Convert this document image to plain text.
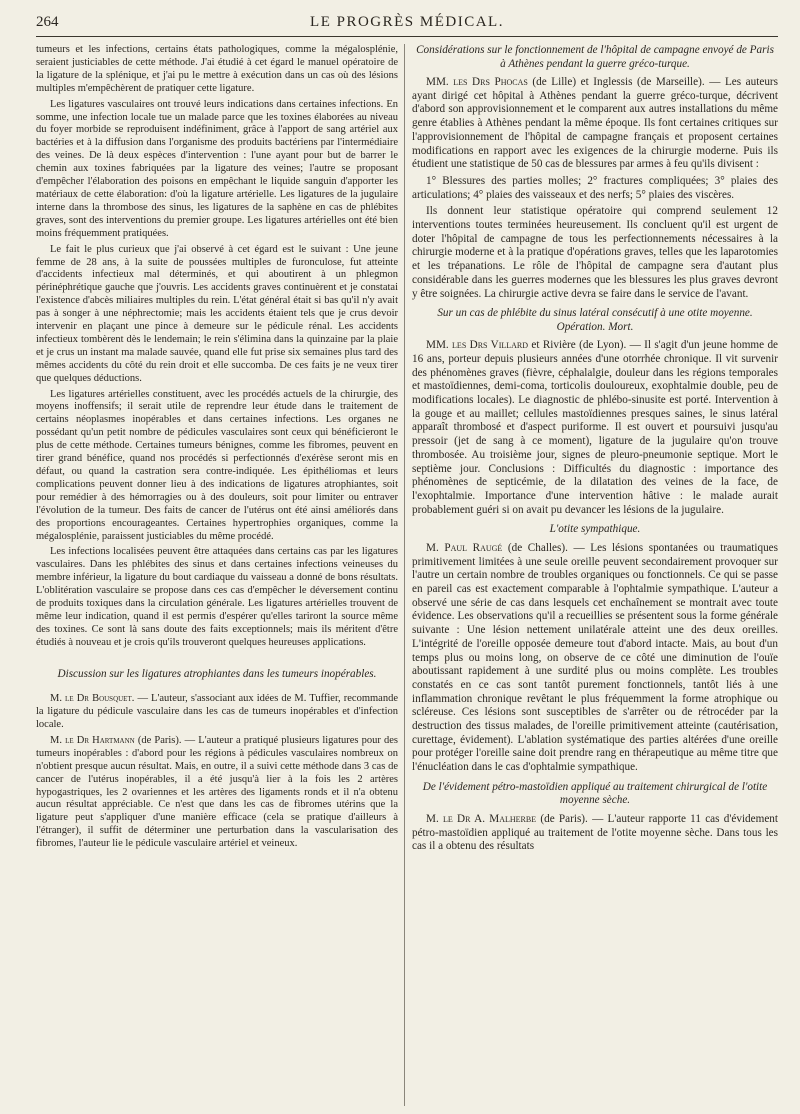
264	LE PROGRÈS MÉDICAL.

tumeurs et les infections, certains états pathologiques, comme la mégalosplénie, seraient justiciables de cette méthode. J'ai étudié à cet égard le manuel opératoire de la ligature de la splénique, et j'ai pu le mettre à exécution dans un cas où des lésions multiples m'empêchèrent de pratiquer cette ligature.

Les ligatures vasculaires ont trouvé leurs indications dans certaines infections. En somme, une infection locale tue un malade parce que les toxines élaborées au niveau du foyer morbide se reproduisent indéfiniment, grâce à l'apport de sang artériel aux bactéries et à la diffusion dans l'organisme des produits bactériens par l'intermédiaire des veines. De là deux espèces d'intervention : l'une ayant pour but de barrer le chemin aux toxines fabriquées par la ligature des veines; l'autre se proposant d'empêcher l'élaboration des poisons en empêchant le liquide sanguin d'apporter les matériaux de cette élaboration: d'où la ligature artérielle. Les ligatures de la jugulaire interne dans la thrombose des sinus, les ligatures de la saphène en cas de phlébites graves, sont des interventions du premier groupe. Les ligatures artérielles ont été bien moins fréquemment pratiquées.

Le fait le plus curieux que j'ai observé à cet égard est le suivant : Une jeune femme de 28 ans, à la suite de poussées multiples de furonculose, fut atteinte d'accidents infectieux mal déterminés, et qui aboutirent à un phlegmon périnéphrétique gauche que j'ouvris. Les accidents graves continuèrent et je constatai l'existence d'abcès miliaires multiples du rein. L'état général était si bas qu'il n'y avait pas à songer à une néphrectomie; mais les accidents étaient tels que je crus devoir intervenir en plaçant une pince à demeure sur le pédicule rénal. Les accidents infectieux tombèrent dès le lendemain; le rein s'élimina dans la quinzaine par la plaie et je crus un instant ma malade sauvée, quand elle fut prise six semaines plus tard des mêmes accidents du côté du rein droit et elle succomba. De ces faits je ne veux tirer que quelques déductions.

Les ligatures artérielles constituent, avec les procédés actuels de la chirurgie, des moyens inoffensifs; il serait utile de reprendre leur étude dans le traitement de certains néoplasmes inopérables et dans certaines infections. Les organes ne possédant qu'un petit nombre de pédicules vasculaires sont ceux qui bénéficieront le plus de cette méthode. Certaines tumeurs bénignes, comme les fibromes, peuvent en tirer grand bénéfice, quand nos procédés si perfectionnés d'exérèse seront mis en défaut, ou quand la castration sera contre-indiquée. Les épithéliomas et leurs complications peuvent donner lieu à des indications de ligatures atrophiantes, soit pour remédier à des hémorragies ou à des douleurs, soit pour limiter ou entraver l'évolution de la tumeur. Des faits de cancer de l'utérus ont été ainsi améliorés dans des proportions encourageantes. Certaines hypertrophies organiques, comme la mégalosplénie, paraissent justiciables du même procédé.

Les infections localisées peuvent être attaquées dans certains cas par les ligatures vasculaires. Dans les phlébites des sinus et dans certaines infections veineuses du membre inférieur, la ligature du bout cardiaque du vaisseau a donné de bons résultats. L'oblitération vasculaire se propose dans ces cas d'empêcher le déversement continu de produits toxiques dans la circulation générale. Les ligatures artérielles trouvent de même leur indication, quand il est permis d'espérer qu'elles tariront la source même des toxines. Ce sont là sans doute des faits exceptionnels; mais ils méritent d'être étudiés à nouveau et je crois qu'ils trouveront quelques heureuses applications.

Discussion sur les ligatures atrophiantes dans les tumeurs inopérables.

M. le Dr Bousquet. — L'auteur, s'associant aux idées de M. Tuffier, recommande la ligature du pédicule vasculaire dans les cas de tumeurs inopérables et d'infection locale.

M. le Dr Hartmann (de Paris). — L'auteur a pratiqué plusieurs ligatures pour des tumeurs inopérables : d'abord pour les régions à pédicules vasculaires nombreux on n'obtient presque aucun résultat. Mais, en outre, il a suivi cette méthode dans 3 cas de cancer de l'utérus inopérables, il a été jusqu'à lier à la fois les 2 artères hypogastriques, les 2 ovariennes et les artères des ligaments ronds et il n'a obtenu aucun résultat appréciable. Ce n'est que dans les cas de fibromes utérins que la ligature peut s'appliquer d'une manière efficace (cela se pratique d'ailleurs à l'étranger), il suffit de déterminer une perturbation dans la vascularisation des fibromes, l'auteur lie le pédicule vasculaire artériel et veineux.

Considérations sur le fonctionnement de l'hôpital de campagne envoyé de Paris à Athènes pendant la guerre gréco-turque.

MM. les Drs Phocas (de Lille) et Inglessis (de Marseille). — Les auteurs ayant dirigé cet hôpital à Athènes pendant la guerre gréco-turque, décrivent d'abord son approvisionnement et le comparent aux autres installations du même genre établies à Athènes pendant la même époque. Ils font certaines critiques sur l'approvisionnement de l'hôpital de campagne français et proposent certaines modifications en rapport avec les exigences de la chirurgie moderne. Puis ils étudient une statistique de 50 cas de blessures par armes à feu qu'ils divisent :

1° Blessures des parties molles; 2° fractures compliquées; 3° plaies des articulations; 4° plaies des vaisseaux et des nerfs; 5° plaies des viscères.

Ils donnent leur statistique opératoire qui comprend seulement 12 interventions toutes terminées heureusement. Ils concluent qu'il est urgent de doter l'hôpital de campagne de tous les perfectionnements nécessaires à la chirurgie moderne et à la pratique d'opérations graves, telles que les laparotomies et les trépanations. Le rôle de l'hôpital de campagne sera d'autant plus considérable dans les guerres modernes que les blessures les plus graves devront y être soignées. La chirurgie active devra se faire dans le service de l'avant.

Sur un cas de phlébite du sinus latéral consécutif à une otite moyenne. Opération. Mort.

MM. les Drs Villard et Rivière (de Lyon). — Il s'agit d'un jeune homme de 16 ans, porteur depuis plusieurs années d'une otorrhée chronique. Il vit survenir des phénomènes graves (fièvre, céphalalgie, douleur dans les régions temporales et mastoïdiennes, demi-coma, torticolis douloureux, exophtalmie double, peu de modifications locales). Le diagnostic de phlébo-sinusite est porté. Intervention à la gouge et au maillet; cellules mastoïdiennes presques saines, le sinus latéral apparaît thrombosé et d'aspect puriforme. Il est ouvert et poursuivi jusqu'au pressoir (jet de sang à ce moment), ligature de la jugulaire qu'on trouve thrombosée. Au troisième jour, signes de pleuro-pneumonie septique. Mort le septième jour. Conclusions : Difficultés du diagnostic : importance des phénomènes de septicémie, de la dilatation des veines de la face, de l'exophtalmie. Importance d'une intervention hâtive : le malade aurait probablement guéri si on avait pu devancer les lésions de la jugulaire.

L'otite sympathique.

M. Paul Raugé (de Challes). — Les lésions spontanées ou traumatiques primitivement limitées à une seule oreille peuvent secondairement provoquer sur l'autre un certain nombre de troubles organiques ou fonctionnels. Ce qui se passe en pareil cas est exactement comparable à l'ophtalmie sympathique. L'auteur a observé une série de cas dans lesquels cet enchaînement se montrait avec toute évidence. Les observations qu'il a recueillies se présentent sous la forme générale suivante : Une lésion nettement unilatérale atteint une des deux oreilles. L'intégrité de l'oreille opposée demeure tout d'abord intacte. Mais, au bout d'un temps plus ou moins long, on observe de ce côté une diminution de l'ouïe aboutissant rapidement à une surdité plus ou moins complète. Les troubles constatés en ce cas sont tantôt purement fonctionnels, tantôt liés à une inflammation chronique revêtant le plus fréquemment la forme atrophique ou scléreuse. Ces lésions sont susceptibles de s'arrêter ou de rétrocéder par la destruction des tissus malades, de l'oreille primitivement atteinte (cautérisation, curettage, évidement). L'ablation systématique des parties altérées d'une oreille pour protéger l'oreille saine doit prendre rang en thérapeutique au même titre que l'énucléation dans le cas d'ophtalmie sympathique.

De l'évidement pétro-mastoïdien appliqué au traitement chirurgical de l'otite moyenne sèche.

M. le Dr A. Malherbe (de Paris). — L'auteur rapporte 11 cas d'évidement pétro-mastoïdien appliqué au traitement de l'otite moyenne sèche. Dans tous les cas il a obtenu des résultats
